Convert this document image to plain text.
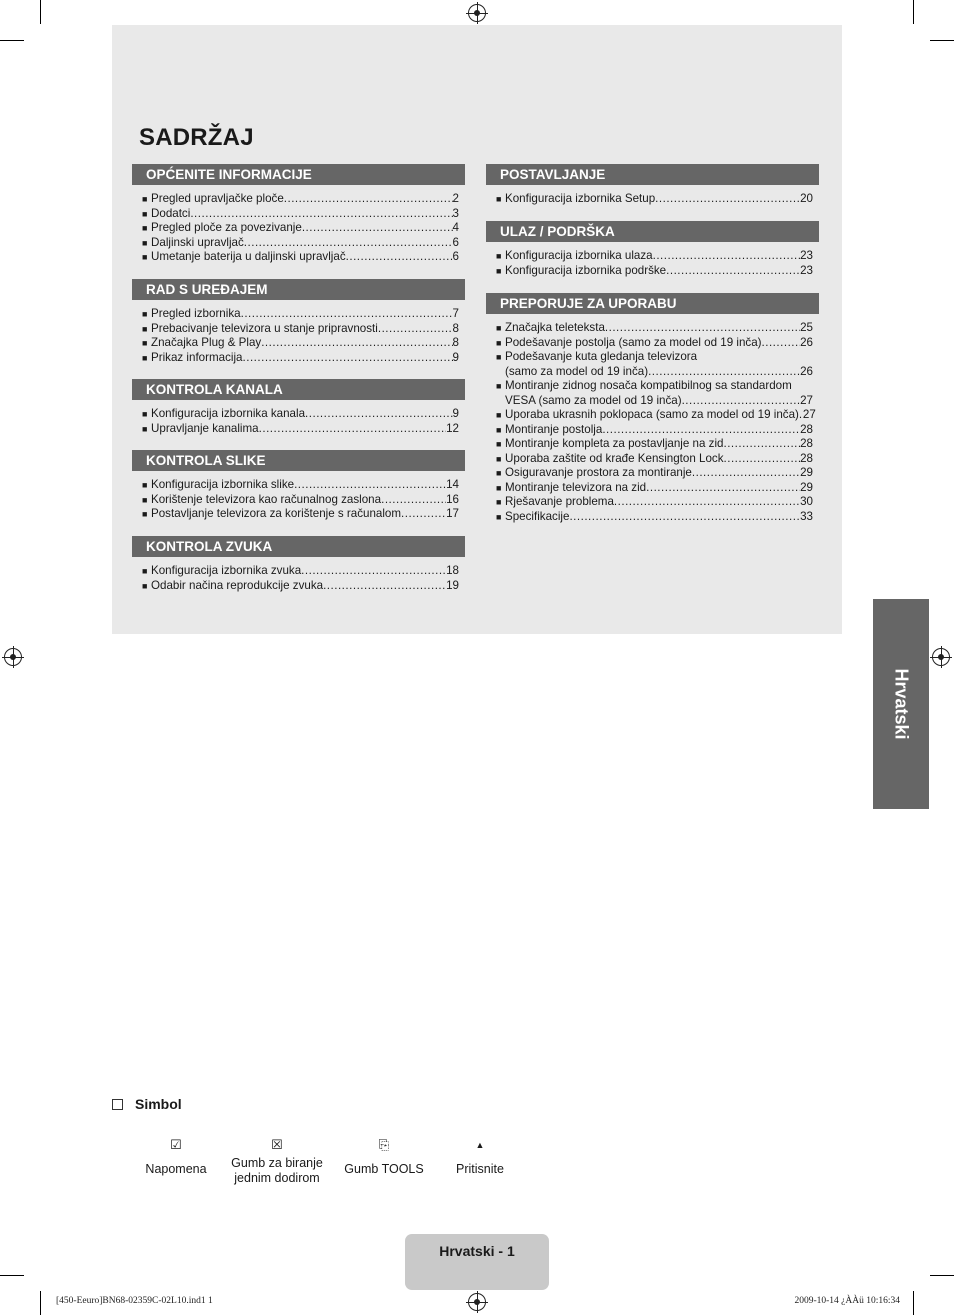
SADRŽAJ
OPĆENITE INFORMACIJE
■ Pregled upravljačke ploče .....	2
■ Dodatci .....	3
■ Pregled ploče za povezivanje .....	4
■ Daljinski upravljač .....	6
■ Umetanje baterija u daljinski upravljač .....	6
RAD S UREĐAJEM
■ Pregled izbornika .....	7
■ Prebacivanje televizora u stanje pripravnosti .....	8
■ Značajka Plug & Play .....	8
■ Prikaz informacija .....	9
KONTROLA KANALA
■ Konfiguracija izbornika kanala .....	9
■ Upravljanje kanalima .....	12
KONTROLA SLIKE
■ Konfiguracija izbornika slike .....	14
■ Korištenje televizora kao računalnog zaslona .....	16
■ Postavljanje televizora za korištenje s računalom .....	17
KONTROLA ZVUKA
■ Konfiguracija izbornika zvuka .....	18
■ Odabir načina reprodukcije zvuka .....	19
POSTAVLJANJE
■ Konfiguracija izbornika Setup .....	20
ULAZ / PODRŠKA
■ Konfiguracija izbornika ulaza .....	23
■ Konfiguracija izbornika podrške .....	23
PREPORUJE ZA UPORABU
■ Značajka teleteksta .....	25
■ Podešavanje postolja (samo za model od 19 inča) .....	26
■ Podešavanje kuta gledanja televizora
(samo za model od 19 inča) .....	26
■ Montiranje zidnog nosača kompatibilnog sa standardom
VESA (samo za model od 19 inča) .....	27
■ Uporaba ukrasnih poklopaca (samo za model od 19 inča) ..... 27
■ Montiranje postolja .....	28
■ Montiranje kompleta za postavljanje na zid .....	28
■ Uporaba zaštite od krađe Kensington Lock .....	28
■ Osiguravanje prostora za montiranje .....	29
■ Montiranje televizora na zid .....	29
■ Rješavanje problema .....	30
■ Specifikacije .....	33
Hrvatski
Simbol
☑
Napomena
☒
Gumb za biranje jednim dodirom
⎘
Gumb TOOLS
▲
Pritisnite
Hrvatski - 1
[450-Eeuro]BN68-02359C-02L10.ind1 1	2009-10-14 ¿ÀÀü 10:16:34
